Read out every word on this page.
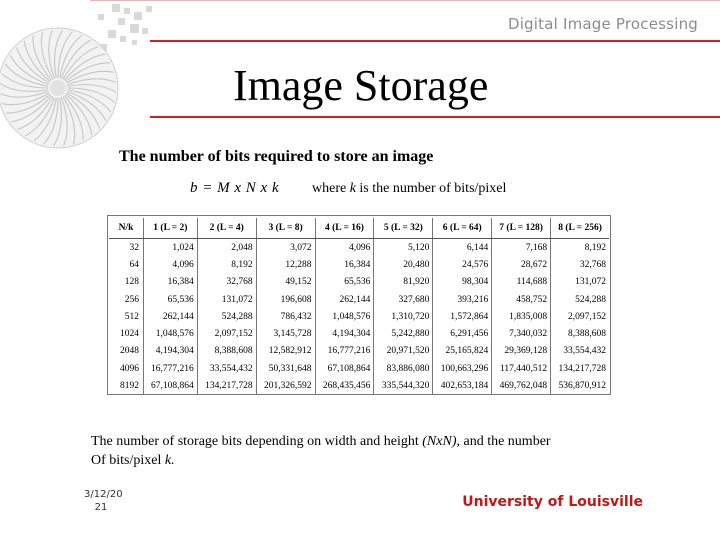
Digital Image Processing
Image Storage
The number of bits required to store an image
b = M x N x k where k is the number of bits/pixel
N/k	1 (L = 2)	2 (L = 4)	3 (L = 8)	4 (L = 16)	5 (L = 32)	6 (L = 64)	7 (L = 128)	8 (L = 256)
32	1,024	2,048	3,072	4,096	5,120	6,144	7,168	8,192
64	4,096	8,192	12,288	16,384	20,480	24,576	28,672	32,768
128	16,384	32,768	49,152	65,536	81,920	98,304	114,688	131,072
256	65,536	131,072	196,608	262,144	327,680	393,216	458,752	524,288
512	262,144	524,288	786,432	1,048,576	1,310,720	1,572,864	1,835,008	2,097,152
1024	1,048,576	2,097,152	3,145,728	4,194,304	5,242,880	6,291,456	7,340,032	8,388,608
2048	4,194,304	8,388,608	12,582,912	16,777,216	20,971,520	25,165,824	29,369,128	33,554,432
4096	16,777,216	33,554,432	50,331,648	67,108,864	83,886,080	100,663,296	117,440,512	134,217,728
8192	67,108,864	134,217,728	201,326,592	268,435,456	335,544,320	402,653,184	469,762,048	536,870,912
The number of storage bits depending on width and height (NxN), and the number
Of bits/pixel k.
3/12/20
21	University of Louisville
